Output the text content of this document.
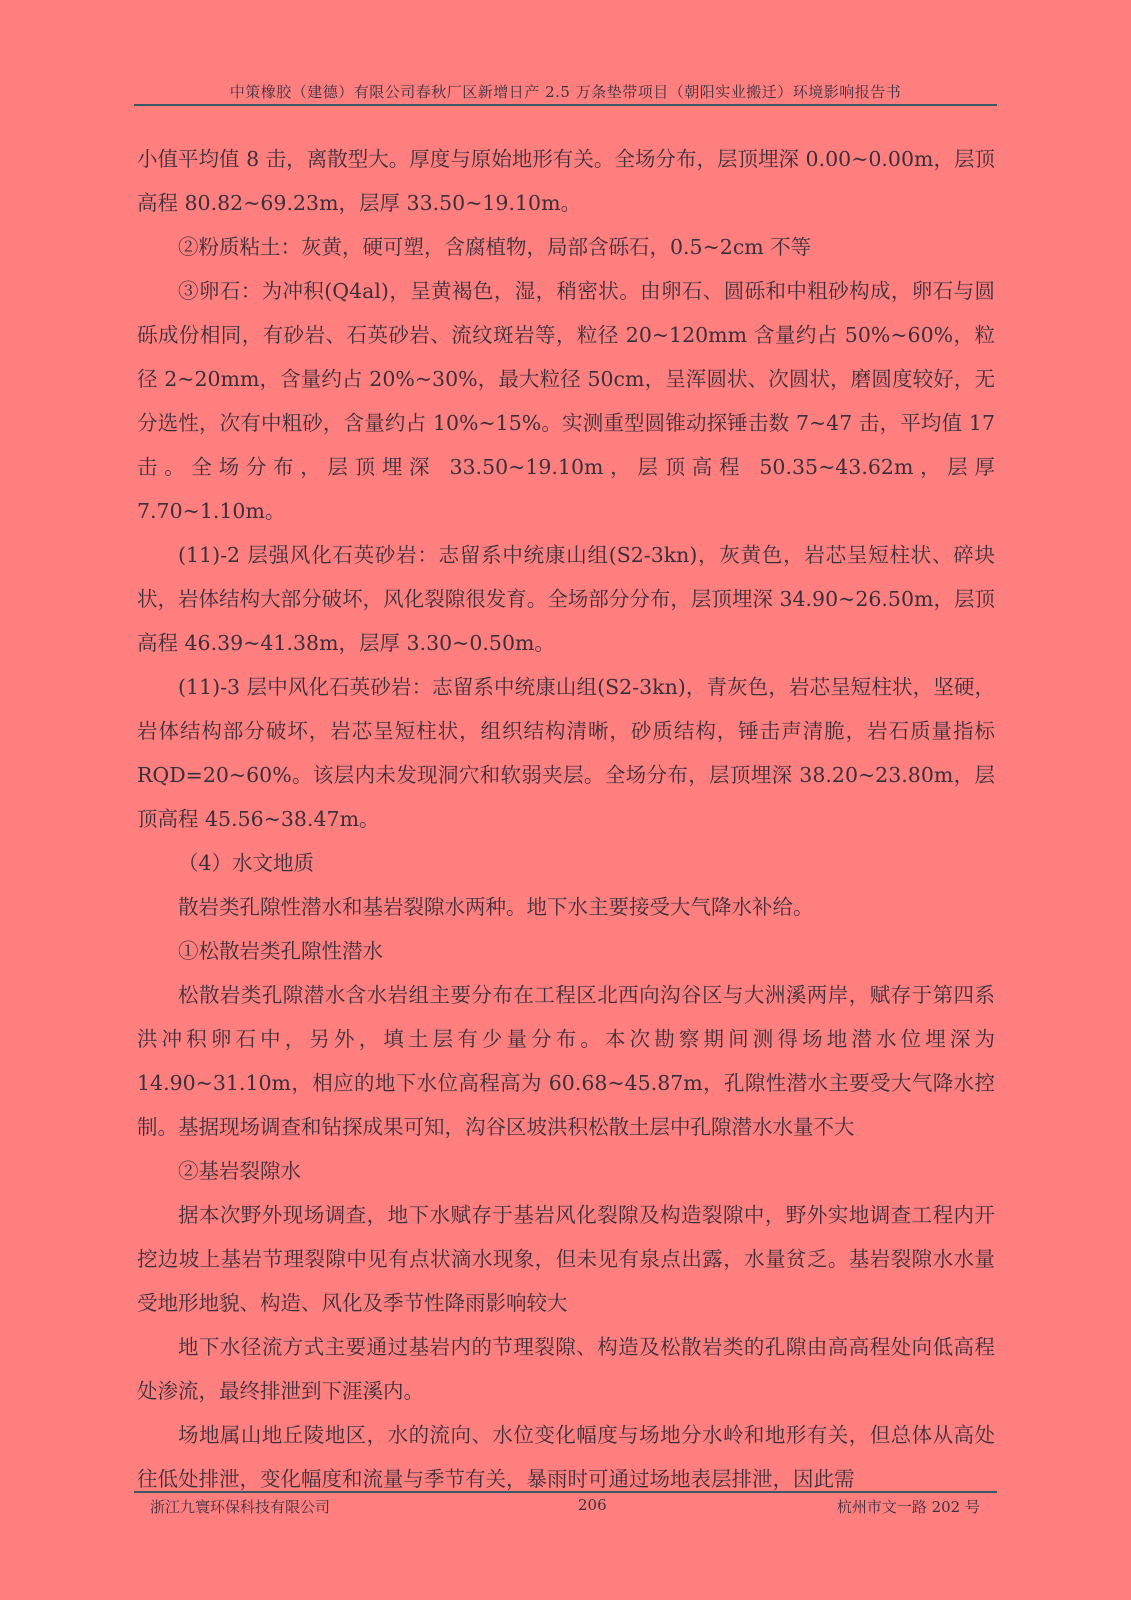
中策橡胶（建德）有限公司春秋厂区新增日产 2.5 万条垫带项目（朝阳实业搬迁）环境影响报告书

小值平均值 8 击，离散型大。厚度与原始地形有关。全场分布，层顶埋深 0.00~0.00m，层顶高程 80.82~69.23m，层厚 33.50~19.10m。

②粉质粘土：灰黄，硬可塑，含腐植物，局部含砾石，0.5~2cm 不等

③卵石：为冲积(Q4al)，呈黄褐色，湿，稍密状。由卵石、圆砾和中粗砂构成，卵石与圆砾成份相同，有砂岩、石英砂岩、流纹斑岩等，粒径 20~120mm 含量约占 50%~60%，粒径 2~20mm，含量约占 20%~30%，最大粒径 50cm，呈浑圆状、次圆状，磨圆度较好，无分选性，次有中粗砂，含量约占 10%~15%。实测重型圆锥动探锤击数 7~47 击，平均值 17 击。全场分布，层顶埋深 33.50~19.10m，层顶高程 50.35~43.62m，层厚 7.70~1.10m。

(11)-2 层强风化石英砂岩：志留系中统康山组(S2-3kn)，灰黄色，岩芯呈短柱状、碎块状，岩体结构大部分破坏，风化裂隙很发育。全场部分分布，层顶埋深 34.90~26.50m，层顶高程 46.39~41.38m，层厚 3.30~0.50m。

(11)-3 层中风化石英砂岩：志留系中统康山组(S2-3kn)，青灰色，岩芯呈短柱状，坚硬，岩体结构部分破坏，岩芯呈短柱状，组织结构清晰，砂质结构，锤击声清脆，岩石质量指标 RQD=20~60%。该层内未发现洞穴和软弱夹层。全场分布，层顶埋深 38.20~23.80m，层顶高程 45.56~38.47m。

（4）水文地质

散岩类孔隙性潜水和基岩裂隙水两种。地下水主要接受大气降水补给。

①松散岩类孔隙性潜水

松散岩类孔隙潜水含水岩组主要分布在工程区北西向沟谷区与大洲溪两岸，赋存于第四系洪冲积卵石中，另外，填土层有少量分布。本次勘察期间测得场地潜水位埋深为 14.90~31.10m，相应的地下水位高程高为 60.68~45.87m，孔隙性潜水主要受大气降水控制。基据现场调查和钻探成果可知，沟谷区坡洪积松散土层中孔隙潜水水量不大

②基岩裂隙水

据本次野外现场调查，地下水赋存于基岩风化裂隙及构造裂隙中，野外实地调查工程内开挖边坡上基岩节理裂隙中见有点状滴水现象，但未见有泉点出露，水量贫乏。基岩裂隙水水量受地形地貌、构造、风化及季节性降雨影响较大

地下水径流方式主要通过基岩内的节理裂隙、构造及松散岩类的孔隙由高高程处向低高程处渗流，最终排泄到下涯溪内。

场地属山地丘陵地区，水的流向、水位变化幅度与场地分水岭和地形有关，但总体从高处往低处排泄，变化幅度和流量与季节有关，暴雨时可通过场地表层排泄，因此需

浙江九寰环保科技有限公司	206	杭州市文一路 202 号
